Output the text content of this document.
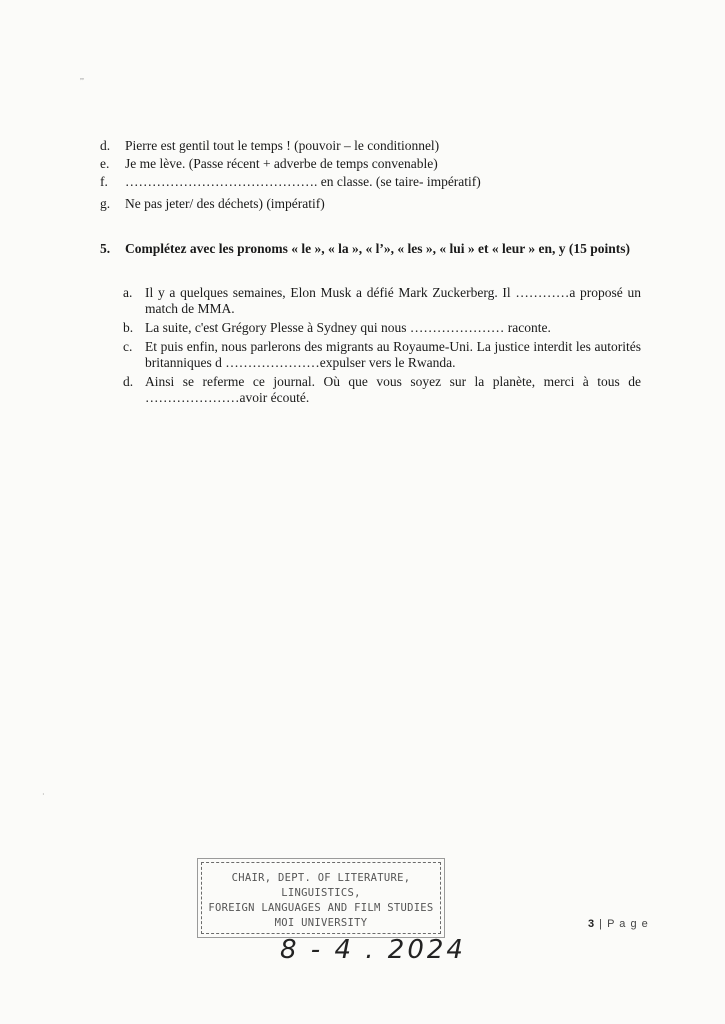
,,
·
d. Pierre est gentil tout le temps ! (pouvoir – le conditionnel)
e. Je me lève. (Passe récent + adverbe de temps convenable)
f. ……………………………………. en classe. (se taire- impératif)
g. Ne pas jeter/ des déchets) (impératif)
5.	Complétez avec les pronoms « le », « la », « l’», « les », « lui » et « leur » en, y (15 points)
a. Il y a quelques semaines, Elon Musk a défié Mark Zuckerberg. Il …………a proposé un match de MMA.
b. La suite, c'est Grégory Plesse à Sydney qui nous ………………… raconte.
c. Et puis enfin, nous parlerons des migrants au Royaume-Uni. La justice interdit les autorités britanniques d …………………expulser vers le Rwanda.
d. Ainsi se referme ce journal. Où que vous soyez sur la planète, merci à tous de …………………avoir écouté.
CHAIR, DEPT. OF LITERATURE, LINGUISTICS,
FOREIGN LANGUAGES AND FILM STUDIES
MOI UNIVERSITY
8 - 4 . 2024
3 | P a g e
